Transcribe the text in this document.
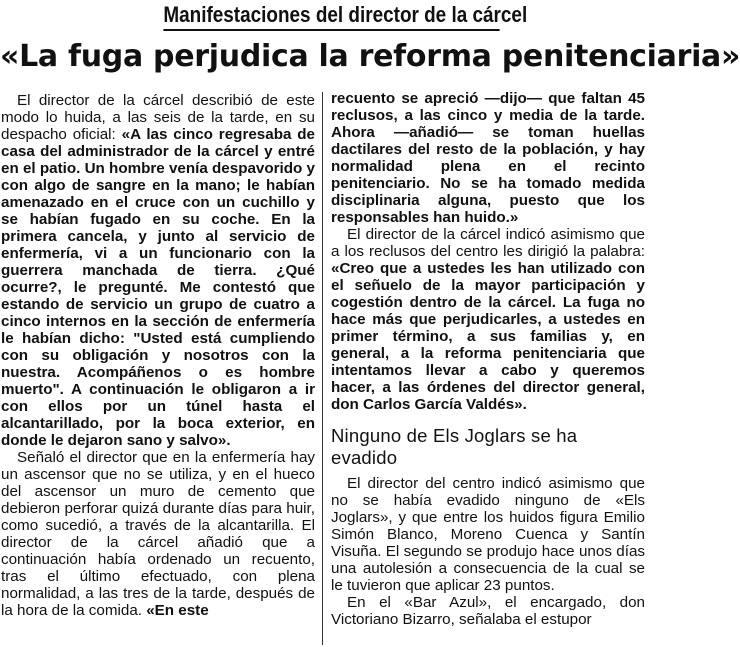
Manifestaciones del director de la cárcel
«La fuga perjudica la reforma penitenciaria»

El director de la cárcel describió de este modo lo huida, a las seis de la tarde, en su despacho oficial: «A las cinco regresaba de casa del administrador de la cárcel y entré en el patio. Un hombre venía despavorido y con algo de sangre en la mano; le habían amenazado en el cruce con un cuchillo y se habían fugado en su coche. En la primera cancela, y junto al servicio de enfermería, vi a un funcionario con la guerrera manchada de tierra. ¿Qué ocurre?, le pregunté. Me contestó que estando de servicio un grupo de cuatro a cinco internos en la sección de enfermería le habían dicho: "Usted está cumpliendo con su obligación y nosotros con la nuestra. Acompáñenos o es hombre muerto". A continuación le obligaron a ir con ellos por un túnel hasta el alcantarillado, por la boca exterior, en donde le dejaron sano y salvo».

Señaló el director que en la enfermería hay un ascensor que no se utiliza, y en el hueco del ascensor un muro de cemento que debieron perforar quizá durante días para huir, como sucedió, a través de la alcantarilla. El director de la cárcel añadió que a continuación había ordenado un recuento, tras el último efectuado, con plena normalidad, a las tres de la tarde, después de la hora de la comida. «En este

recuento se apreció —dijo— que faltan 45 reclusos, a las cinco y media de la tarde. Ahora —añadió— se toman huellas dactilares del resto de la población, y hay normalidad plena en el recinto penitenciario. No se ha tomado medida disciplinaria alguna, puesto que los responsables han huido.»

El director de la cárcel indicó asimismo que a los reclusos del centro les dirigió la palabra: «Creo que a ustedes les han utilizado con el señuelo de la mayor participación y cogestión dentro de la cárcel. La fuga no hace más que perjudicarles, a ustedes en primer término, a sus familias y, en general, a la reforma penitenciaria que intentamos llevar a cabo y queremos hacer, a las órdenes del director general, don Carlos García Valdés».

Ninguno de Els Joglars se ha evadido

El director del centro indicó asimismo que no se había evadido ninguno de «Els Joglars», y que entre los huidos figura Emilio Simón Blanco, Moreno Cuenca y Santín Visuña. El segundo se produjo hace unos días una autolesión a consecuencia de la cual se le tuvieron que aplicar 23 puntos.

En el «Bar Azul», el encargado, don Victoriano Bizarro, señalaba el estupor
